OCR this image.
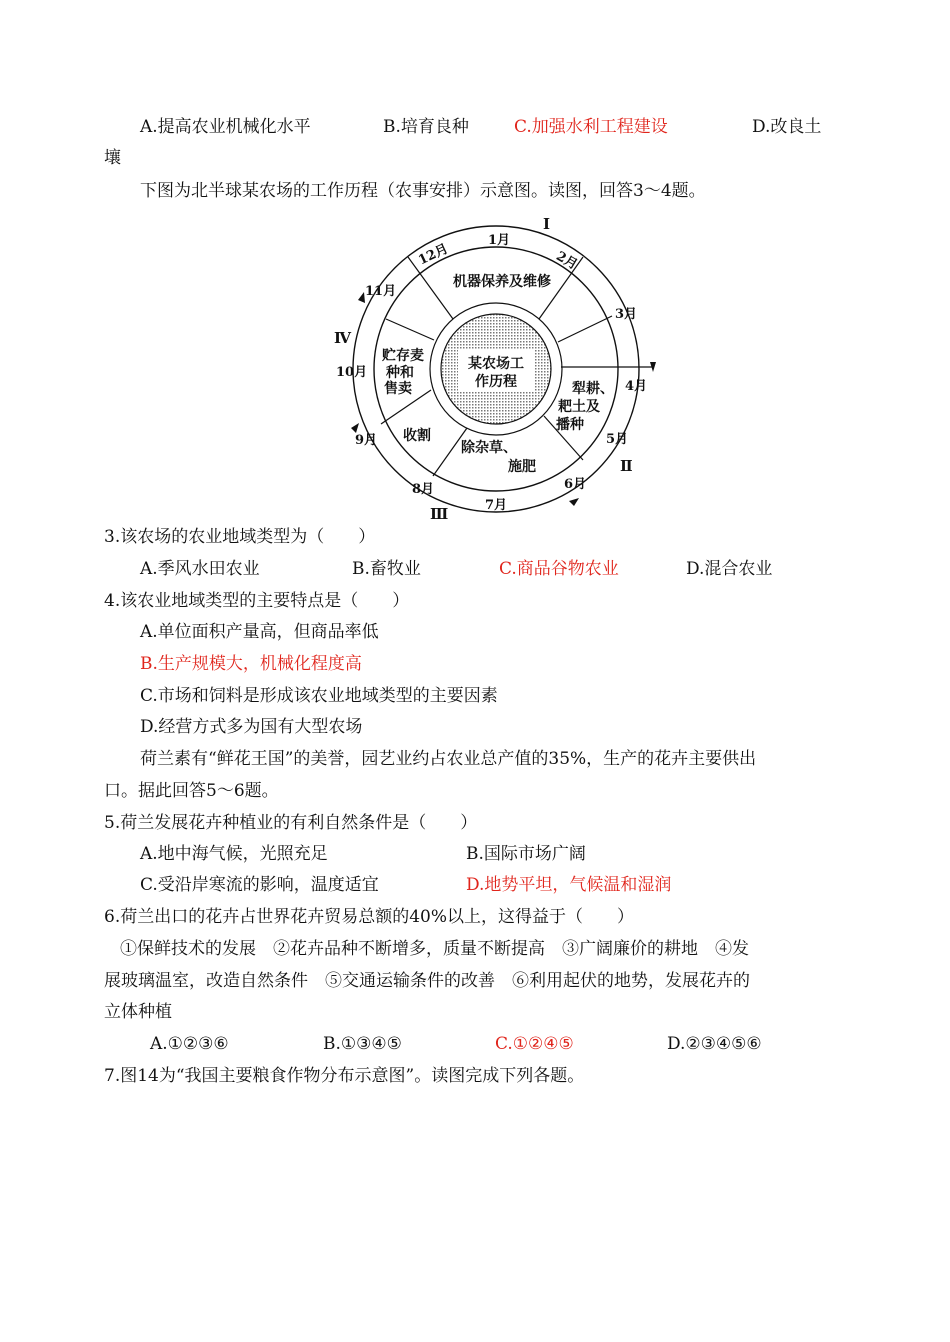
A.提高农业机械化水平	B.培育良种	C.加强水利工程建设	D.改良土
壤
下图为北半球某农场的工作历程（农事安排）示意图。读图，回答3～4题。
某农场工
作历程
机器保养及维修
犁耕、
耙土及
播种
除杂草、
施肥
收割
贮存麦
种和
售卖
1月
2月
3月
4月
5月
6月
7月
8月
9月
10月
11月
12月
Ⅰ
Ⅱ
Ⅲ
Ⅳ
3.该农场的农业地域类型为（　　）
A.季风水田农业	B.畜牧业	C.商品谷物农业	D.混合农业
4.该农业地域类型的主要特点是（　　）
A.单位面积产量高，但商品率低
B.生产规模大，机械化程度高
C.市场和饲料是形成该农业地域类型的主要因素
D.经营方式多为国有大型农场
荷兰素有“鲜花王国”的美誉，园艺业约占农业总产值的35%，生产的花卉主要供出
口。据此回答5～6题。
5.荷兰发展花卉种植业的有利自然条件是（　　）
A.地中海气候，光照充足	B.国际市场广阔
C.受沿岸寒流的影响，温度适宜	D.地势平坦，气候温和湿润
6.荷兰出口的花卉占世界花卉贸易总额的40%以上，这得益于（　　）
①保鲜技术的发展　②花卉品种不断增多，质量不断提高　③广阔廉价的耕地　④发
展玻璃温室，改造自然条件　⑤交通运输条件的改善　⑥利用起伏的地势，发展花卉的
立体种植
A.①②③⑥	B.①③④⑤	C.①②④⑤	D.②③④⑤⑥
7.图14为“我国主要粮食作物分布示意图”。读图完成下列各题。
